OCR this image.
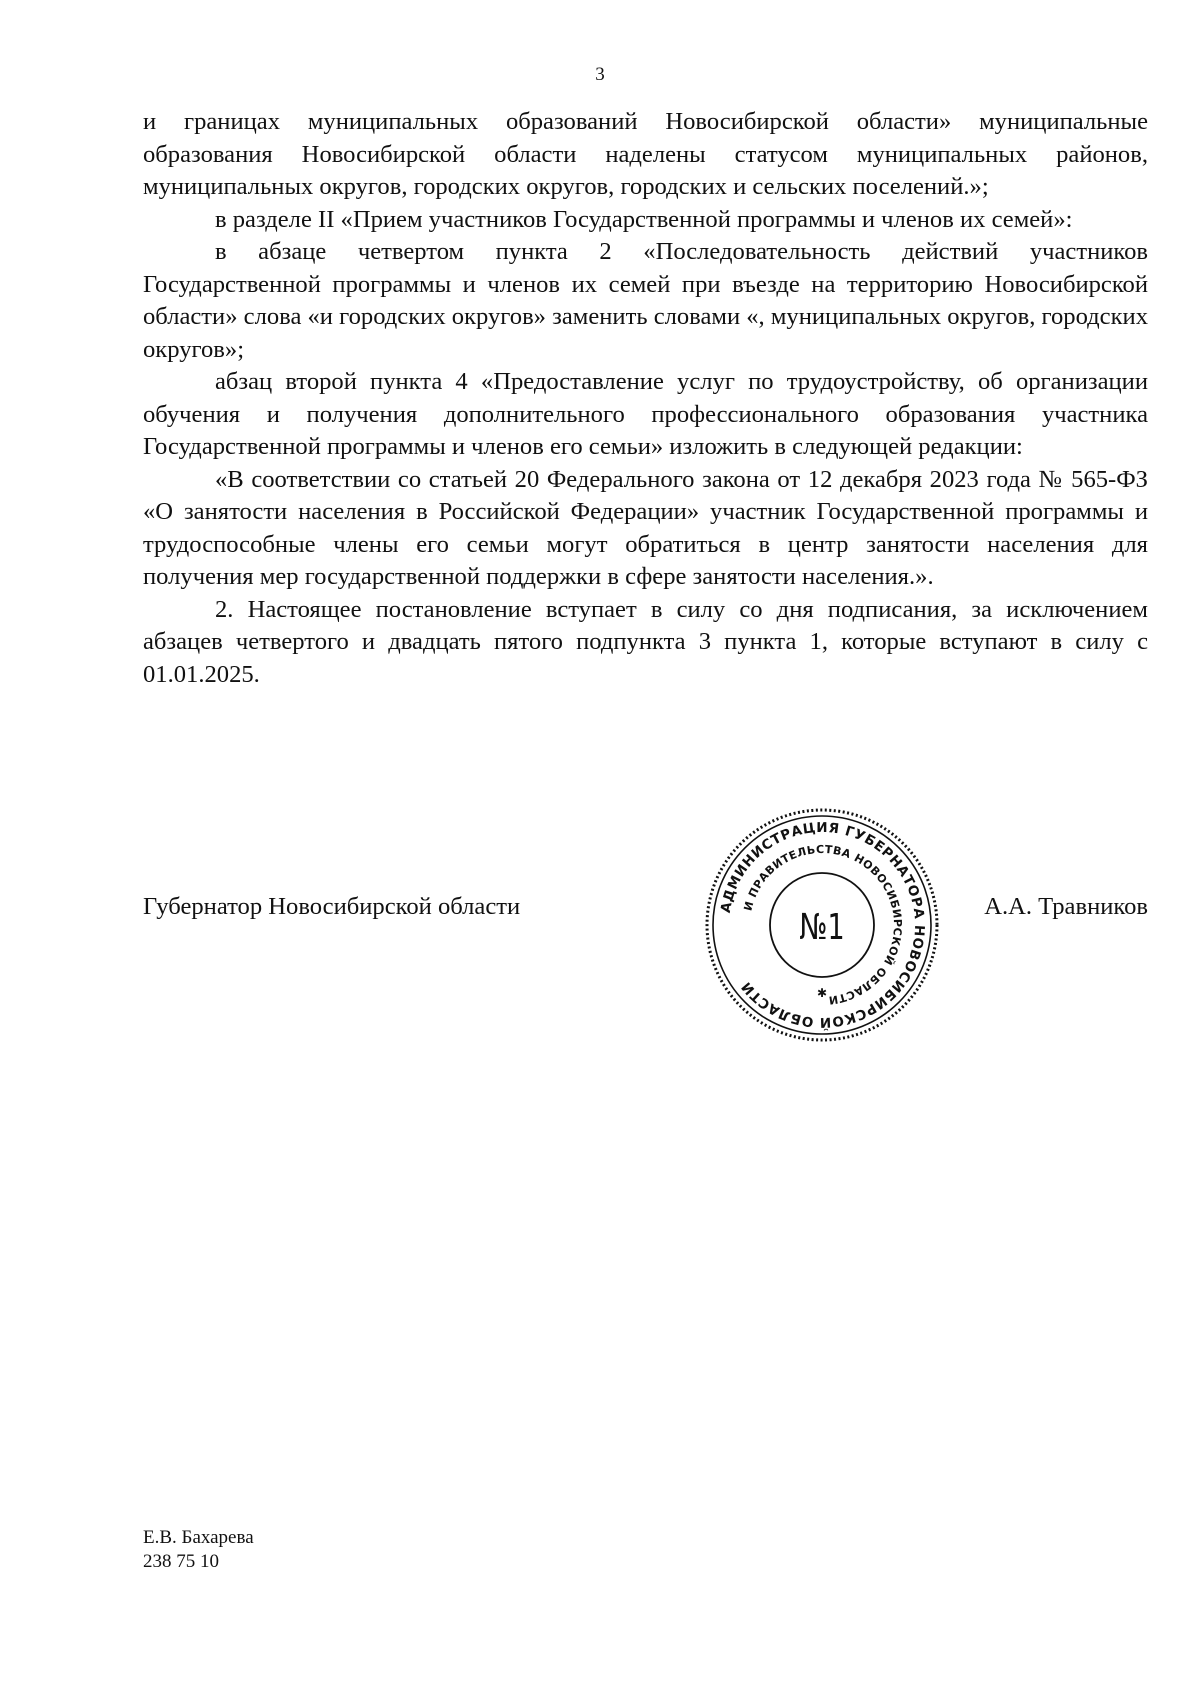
3

и границах муниципальных образований Новосибирской области» муниципальные образования Новосибирской области наделены статусом муниципальных районов, муниципальных округов, городских округов, городских и сельских поселений.»;

в разделе II «Прием участников Государственной программы и членов их семей»:

в абзаце четвертом пункта 2 «Последовательность действий участников Государственной программы и членов их семей при въезде на территорию Новосибирской области» слова «и городских округов» заменить словами «, муниципальных округов, городских округов»;

абзац второй пункта 4 «Предоставление услуг по трудоустройству, об организации обучения и получения дополнительного профессионального образования участника Государственной программы и членов его семьи» изложить в следующей редакции:

«В соответствии со статьей 20 Федерального закона от 12 декабря 2023 года № 565-ФЗ «О занятости населения в Российской Федерации» участник Государственной программы и трудоспособные члены его семьи могут обратиться в центр занятости населения для получения мер государственной поддержки в сфере занятости населения.».

2. Настоящее постановление вступает в силу со дня подписания, за исключением абзацев четвертого и двадцать пятого подпункта 3 пункта 1, которые вступают в силу с 01.01.2025.

Губернатор Новосибирской области	АДМИНИСТРАЦИЯ ГУБЕРНАТОРА НОВОСИБИРСКОЙ ОБЛАСТИ
И ПРАВИТЕЛЬСТВА НОВОСИБИРСКОЙ ОБЛАСТИ
№1
✱
А.А. Травников
Е.В. Бахарева
238 75 10
